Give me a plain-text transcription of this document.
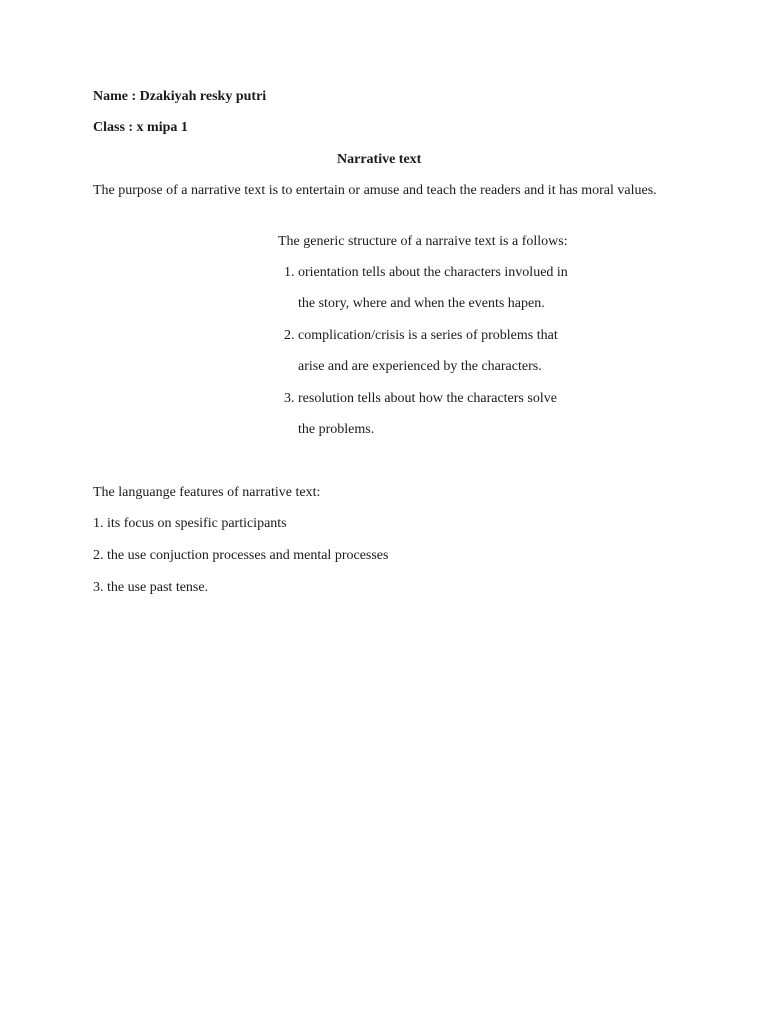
Name : Dzakiyah resky putri
Class : x mipa 1
Narrative text
The purpose of a narrative text is to entertain or amuse and teach the readers and it has moral values.
The generic structure of a narraive text is a follows:
1. orientation tells about the characters involued in
the story, where and when the events hapen.
2. complication/crisis is a series of problems that
arise and are experienced by the characters.
3. resolution tells about how the characters solve
the problems.
The languange features of narrative text:
1. its focus on spesific participants
2. the use conjuction processes and mental processes
3. the use past tense.
